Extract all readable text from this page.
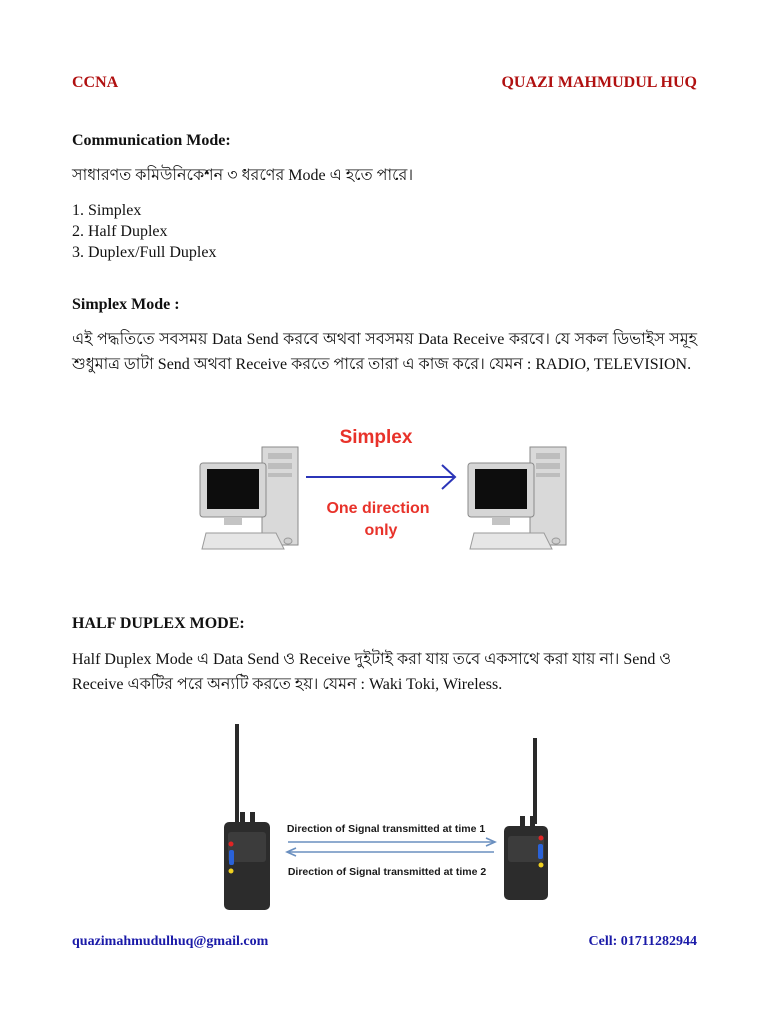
CCNA	QUAZI MAHMUDUL HUQ
Communication Mode:
সাধারণত কমিউনিকেশন ৩ ধরণের Mode এ হতে পারে।
1. Simplex
2. Half Duplex
3. Duplex/Full Duplex
Simplex Mode :
এই পদ্ধতিতে সবসময় Data Send করবে অথবা সবসময় Data Receive করবে। যে সকল ডিভাইস সমূহ শুধুমাত্র ডাটা Send অথবা Receive করতে পারে তারা এ কাজ করে। যেমন : RADIO, TELEVISION.
Simplex
One direction
only
HALF DUPLEX MODE:
Half Duplex Mode এ Data Send ও Receive দুইটাই করা যায় তবে একসাথে করা যায় না। Send ও Receive একটির পরে অন্যটি করতে হয়। যেমন : Waki Toki, Wireless.
Direction of Signal transmitted at time 1
Direction of Signal transmitted at time 2
quazimahmudulhuq@gmail.com	Cell: 01711282944
